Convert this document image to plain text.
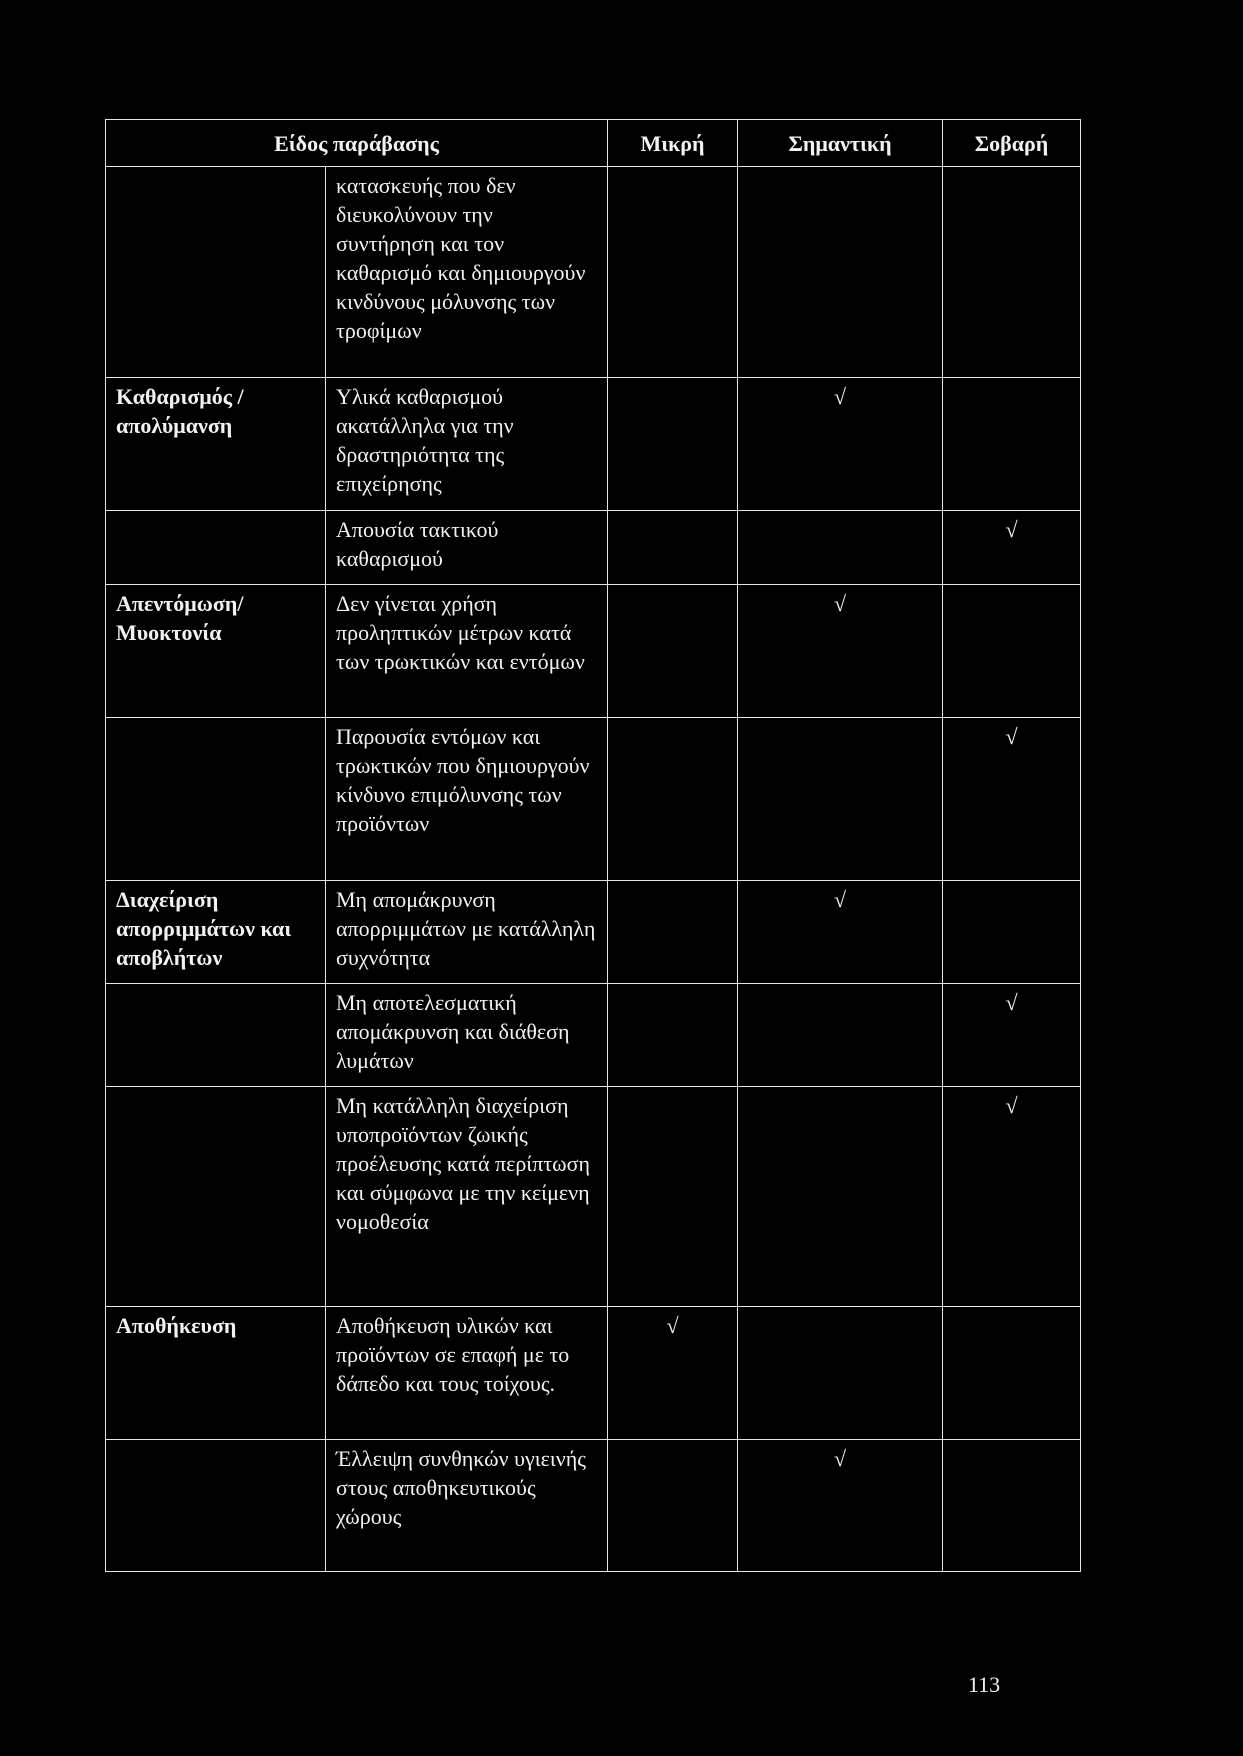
Είδος παράβασης		Μικρή	Σημαντική	Σοβαρή
	κατασκευής που δεν διευκολύνουν την συντήρηση και τον καθαρισμό και δημιουργούν κινδύνους μόλυνσης των τροφίμων			
Καθαρισμός /απολύμανση	Υλικά καθαρισμού ακατάλληλα για την δραστηριότητα της επιχείρησης		√	
	Απουσία τακτικού καθαρισμού			√
Απεντόμωση/Μυοκτονία	Δεν γίνεται χρήση προληπτικών μέτρων κατά των τρωκτικών και εντόμων		√	
	Παρουσία εντόμων και τρωκτικών που δημιουργούν κίνδυνο επιμόλυνσης των προϊόντων			√
Διαχείριση απορριμμάτων και αποβλήτων	Μη απομάκρυνση απορριμμάτων με κατάλληλη συχνότητα		√	
	Μη αποτελεσματική απομάκρυνση και διάθεση λυμάτων			√
	Μη κατάλληλη διαχείριση υποπροϊόντων ζωικής προέλευσης κατά περίπτωση και σύμφωνα με την κείμενη νομοθεσία			√
Αποθήκευση	Αποθήκευση υλικών και προϊόντων σε επαφή με το δάπεδο και τους τοίχους.	√		
	Έλλειψη συνθηκών υγιεινής στους αποθηκευτικούς χώρους		√	
113
